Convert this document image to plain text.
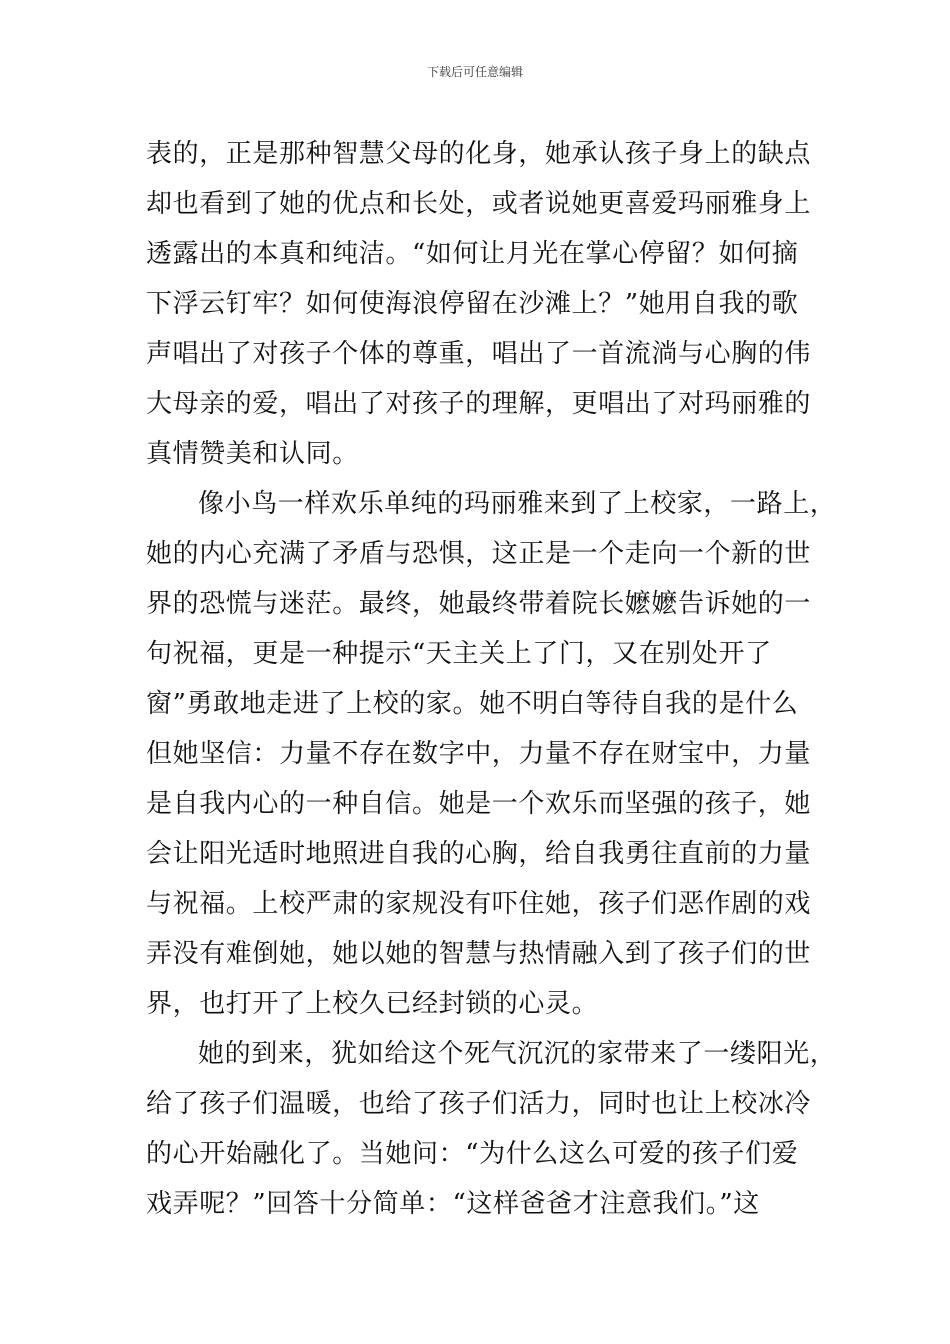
下载后可任意编辑
表的，正是那种智慧父母的化身，她承认孩子身上的缺点
却也看到了她的优点和长处，或者说她更喜爱玛丽雅身上
透露出的本真和纯洁。“如何让月光在掌心停留？如何摘
下浮云钉牢？如何使海浪停留在沙滩上？”她用自我的歌
声唱出了对孩子个体的尊重，唱出了一首流淌与心胸的伟
大母亲的爱，唱出了对孩子的理解，更唱出了对玛丽雅的
真情赞美和认同。
像小鸟一样欢乐单纯的玛丽雅来到了上校家，一路上，
她的内心充满了矛盾与恐惧，这正是一个走向一个新的世
界的恐慌与迷茫。最终，她最终带着院长嬷嬷告诉她的一
句祝福，更是一种提示“天主关上了门，又在别处开了
窗”勇敢地走进了上校的家。她不明白等待自我的是什么
但她坚信：力量不存在数字中，力量不存在财宝中，力量
是自我内心的一种自信。她是一个欢乐而坚强的孩子，她
会让阳光适时地照进自我的心胸，给自我勇往直前的力量
与祝福。上校严肃的家规没有吓住她，孩子们恶作剧的戏
弄没有难倒她，她以她的智慧与热情融入到了孩子们的世
界，也打开了上校久已经封锁的心灵。
她的到来，犹如给这个死气沉沉的家带来了一缕阳光，
给了孩子们温暖，也给了孩子们活力，同时也让上校冰冷
的心开始融化了。当她问：“为什么这么可爱的孩子们爱
戏弄呢？”回答十分简单：“这样爸爸才注意我们。”这
